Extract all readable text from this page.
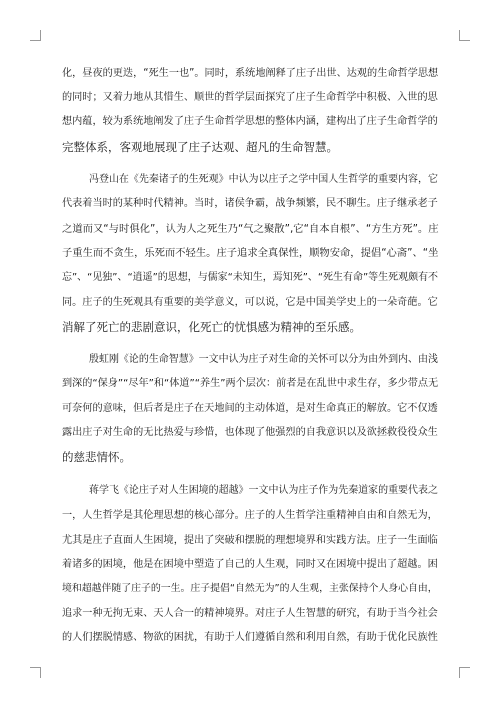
化，昼夜的更迭，“死生一也”。同时，系统地阐释了庄子出世、达观的生命哲学思想
的同时；又着力地从其惜生、顺世的哲学层面探究了庄子生命哲学中积极、入世的思
想内蕴，较为系统地阐发了庄子生命哲学思想的整体内涵，建构出了庄子生命哲学的
完整体系，客观地展现了庄子达观、超凡的生命智慧。
冯登山在《先秦诸子的生死观》中认为以庄子之学中国人生哲学的重要内容，它
代表着当时的某种时代精神。当时，诸侯争霸，战争频繁，民不聊生。庄子继承老子
之道而又“与时俱化”，认为人之死生乃“气之聚散”,它“自本自根”、“方生方死”。庄
子重生而不贪生，乐死而不轻生。庄子追求全真保性，顺物安命，提倡“心斋”、“坐
忘”、“见独”、“逍遥”的思想，与儒家“未知生，焉知死”、“死生有命”等生死观颇有不
同。庄子的生死观具有重要的美学意义，可以说，它是中国美学史上的一朵奇葩。它
消解了死亡的悲剧意识，化死亡的忧惧感为精神的至乐感。
殷虹刚《论的生命智慧》一文中认为庄子对生命的关怀可以分为由外到内、由浅
到深的“保身”“尽年”和“体道”“养生”两个层次：前者是在乱世中求生存，多少带点无
可奈何的意味，但后者是庄子在天地间的主动体道，是对生命真正的解放。它不仅透
露出庄子对生命的无比热爱与珍惜，也体现了他强烈的自我意识以及欲拯救役役众生
的慈悲情怀。
蒋学飞《论庄子对人生困境的超越》一文中认为庄子作为先秦道家的重要代表之
一，人生哲学是其伦理思想的核心部分。庄子的人生哲学注重精神自由和自然无为，
尤其是庄子直面人生困境，提出了突破和摆脱的理想境界和实践方法。庄子一生面临
着诸多的困境，他是在困境中塑造了自己的人生观，同时又在困境中提出了超越。困
境和超越伴随了庄子的一生。庄子提倡“自然无为”的人生观，主张保持个人身心自由，
追求一种无拘无束、天人合一的精神境界。对庄子人生智慧的研究，有助于当今社会
的人们摆脱情感、物欲的困扰，有助于人们遵循自然和利用自然，有助于优化民族性
